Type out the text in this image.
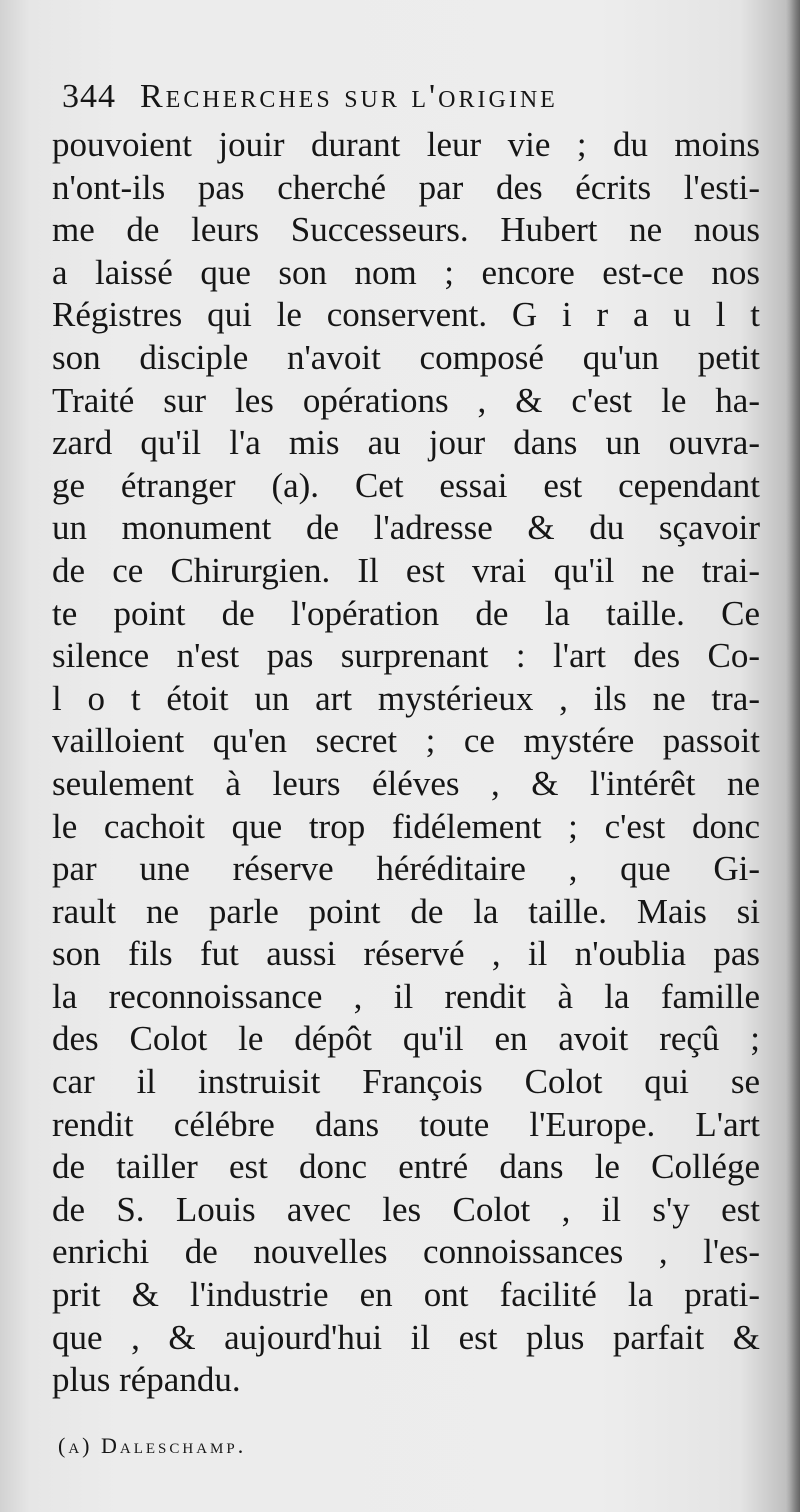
344 Recherches sur l'origine
pouvoient jouir durant leur vie ; du moins
n'ont-ils pas cherché par des écrits l'esti-
me de leurs Successeurs. Hubert ne nous
a laissé que son nom ; encore est-ce nos
Régistres qui le conservent. G i r a u l t
son disciple n'avoit composé qu'un petit
Traité sur les opérations , & c'est le ha-
zard qu'il l'a mis au jour dans un ouvra-
ge étranger (a). Cet essai est cependant
un monument de l'adresse & du sçavoir
de ce Chirurgien. Il est vrai qu'il ne trai-
te point de l'opération de la taille. Ce
silence n'est pas surprenant : l'art des Co-
l o t étoit un art mystérieux , ils ne tra-
vailloient qu'en secret ; ce mystére passoit
seulement à leurs éléves , & l'intérêt ne
le cachoit que trop fidélement ; c'est donc
par une réserve héréditaire , que Gi-
rault ne parle point de la taille. Mais si
son fils fut aussi réservé , il n'oublia pas
la reconnoissance , il rendit à la famille
des Colot le dépôt qu'il en avoit reçû ;
car il instruisit François Colot qui se
rendit célébre dans toute l'Europe. L'art
de tailler est donc entré dans le Collége
de S. Louis avec les Colot , il s'y est
enrichi de nouvelles connoissances , l'es-
prit & l'industrie en ont facilité la prati-
que , & aujourd'hui il est plus parfait &
plus répandu.
(a) Daleschamp.
